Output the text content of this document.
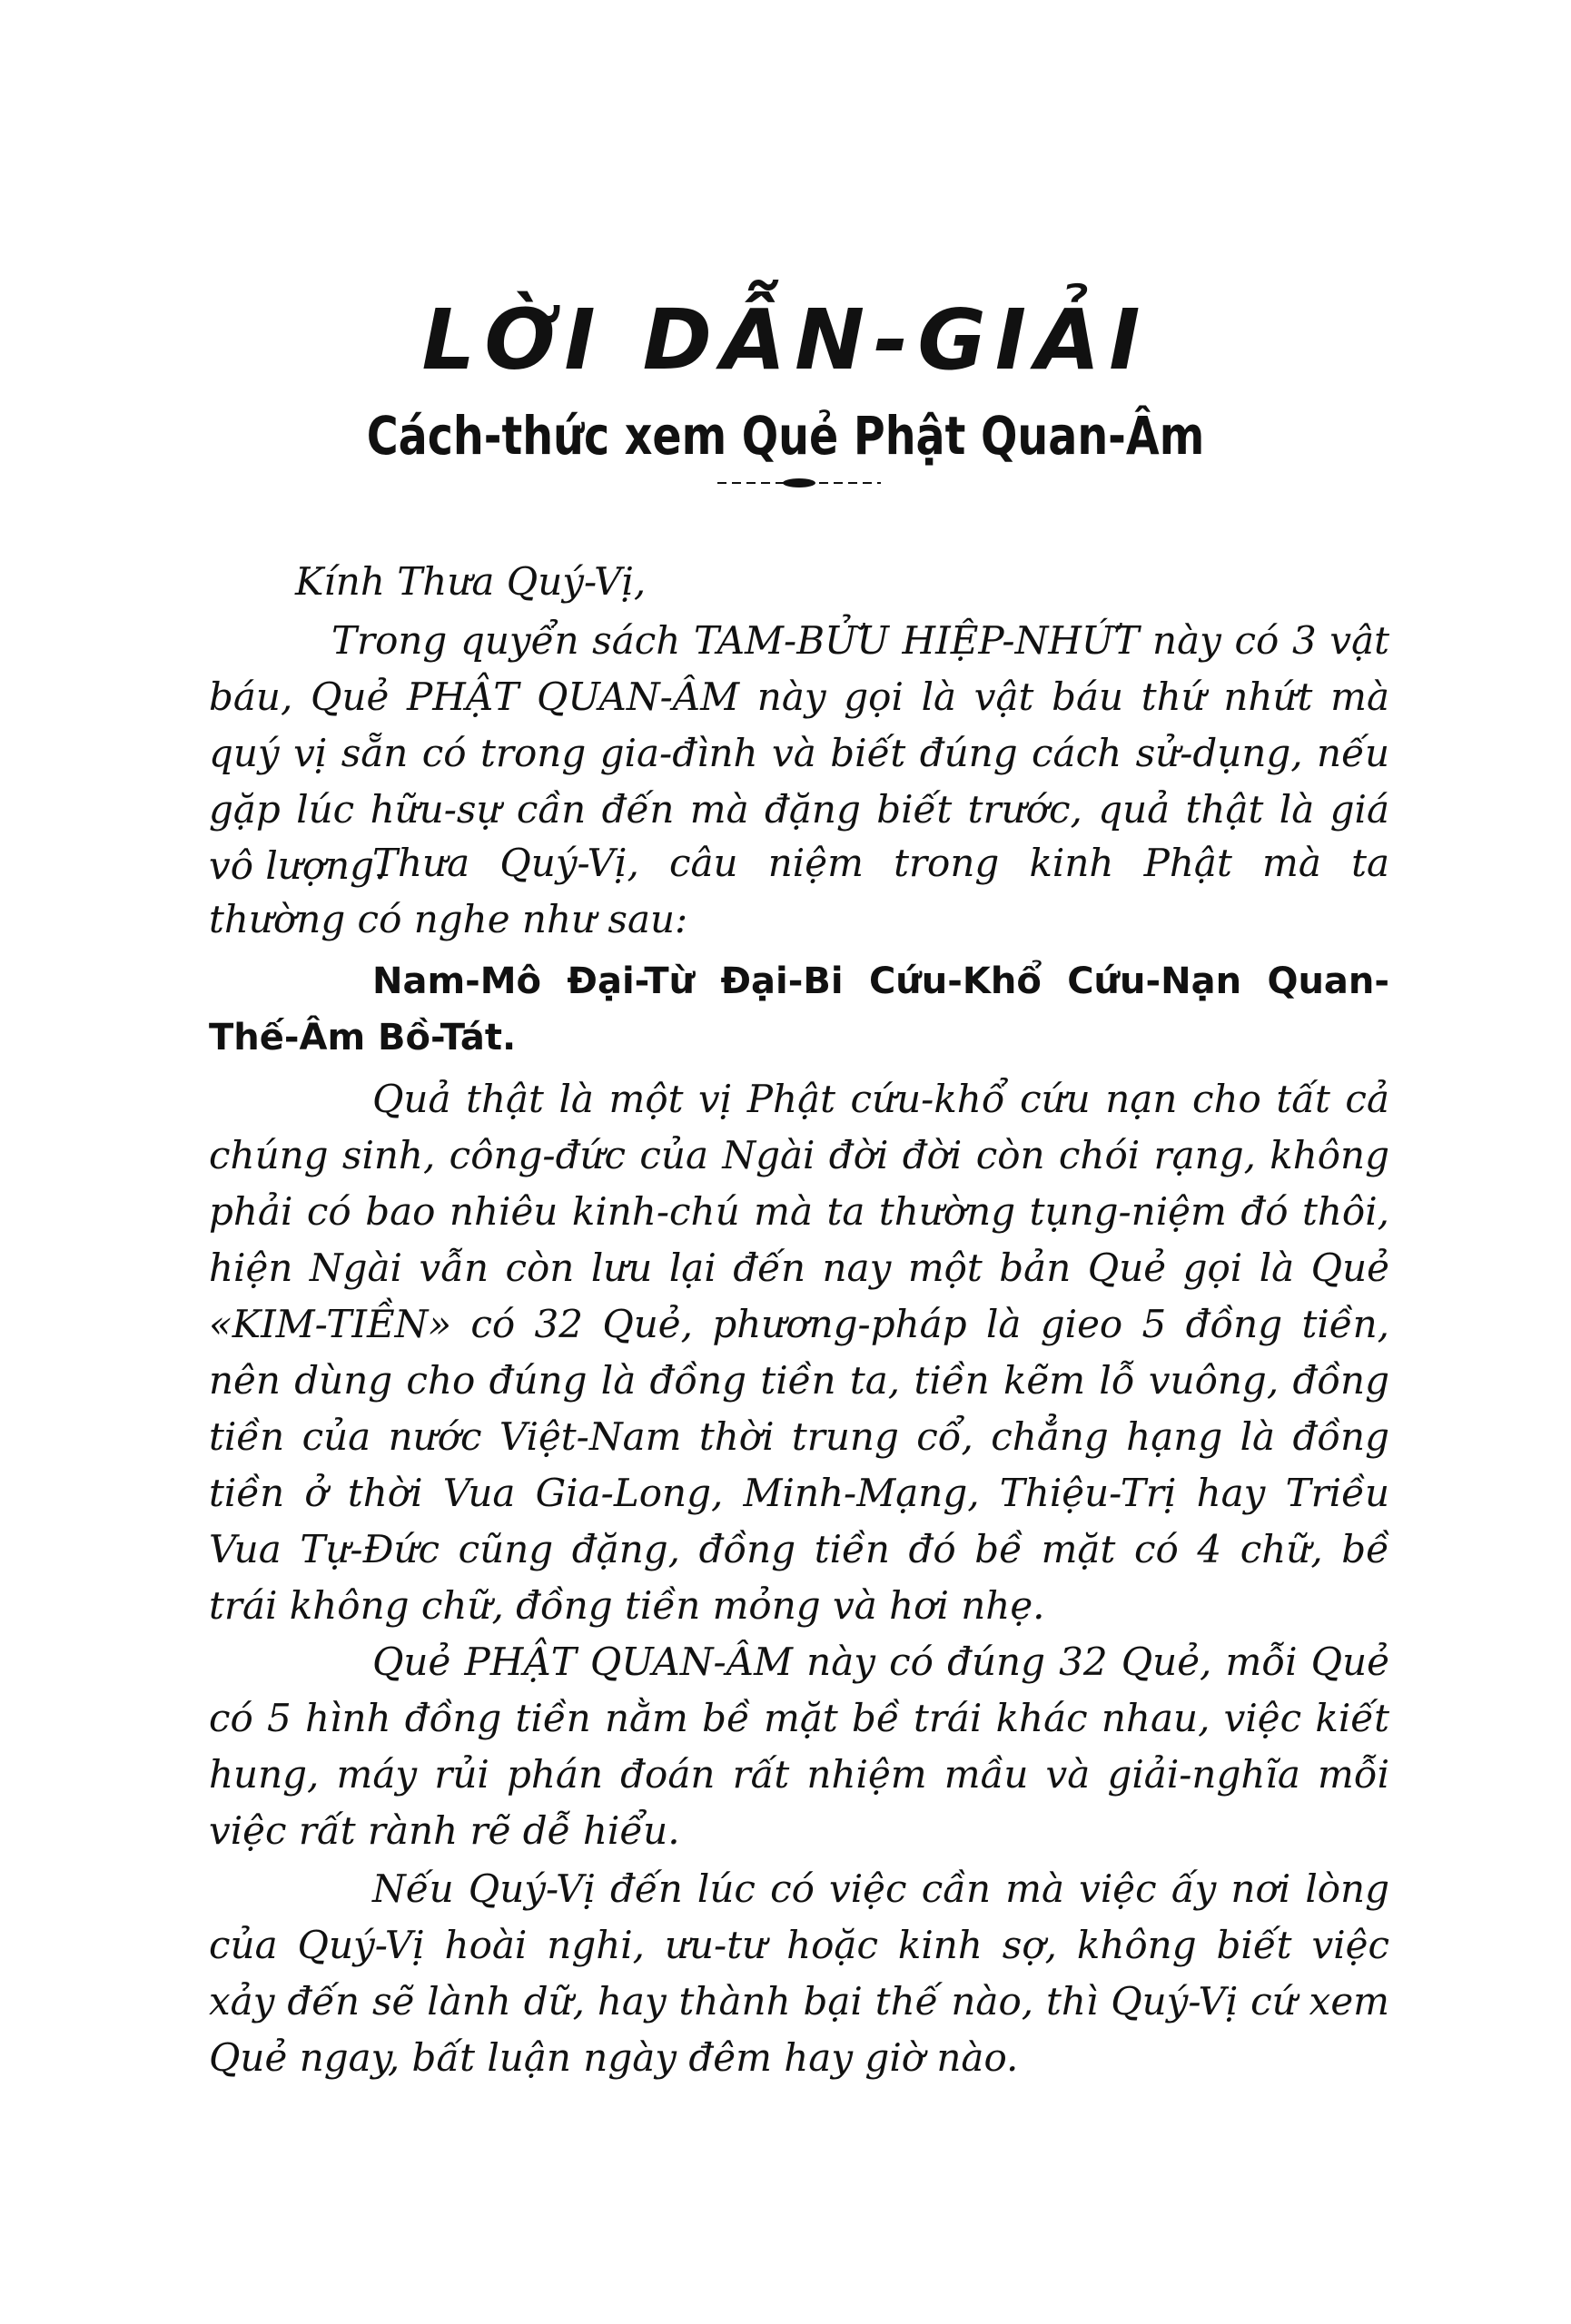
LỜI DẪN-GIẢI
Cách-thức xem Quẻ Phật Quan-Âm
Kính Thưa Quý-Vị,
Trong quyển sách TAM-BỬU HIỆP-NHỨT này có 3 vật báu, Quẻ PHẬT QUAN-ÂM này gọi là vật báu thứ nhứt mà quý vị sẵn có trong gia-đình và biết đúng cách sử-dụng, nếu gặp lúc hữu-sự cần đến mà đặng biết trước, quả thật là giá vô lượng.
Thưa Quý-Vị, câu niệm trong kinh Phật mà ta thường có nghe như sau:
Nam-Mô Đại-Từ Đại-Bi Cứu-Khổ Cứu-Nạn Quan-Thế-Âm Bồ-Tát.
Quả thật là một vị Phật cứu-khổ cứu nạn cho tất cả chúng sinh, công-đức của Ngài đời đời còn chói rạng, không phải có bao nhiêu kinh-chú mà ta thường tụng-niệm đó thôi, hiện Ngài vẫn còn lưu lại đến nay một bản Quẻ gọi là Quẻ «KIM-TIỀN» có 32 Quẻ, phương-pháp là gieo 5 đồng tiền, nên dùng cho đúng là đồng tiền ta, tiền kẽm lỗ vuông, đồng tiền của nước Việt-Nam thời trung cổ, chẳng hạng là đồng tiền ở thời Vua Gia-Long, Minh-Mạng, Thiệu-Trị hay Triều Vua Tự-Đức cũng đặng, đồng tiền đó bề mặt có 4 chữ, bề trái không chữ, đồng tiền mỏng và hơi nhẹ.
Quẻ PHẬT QUAN-ÂM này có đúng 32 Quẻ, mỗi Quẻ có 5 hình đồng tiền nằm bề mặt bề trái khác nhau, việc kiết hung, máy rủi phán đoán rất nhiệm mầu và giải-nghĩa mỗi việc rất rành rẽ dễ hiểu.
Nếu Quý-Vị đến lúc có việc cần mà việc ấy nơi lòng của Quý-Vị hoài nghi, ưu-tư hoặc kinh sợ, không biết việc xảy đến sẽ lành dữ, hay thành bại thế nào, thì Quý-Vị cứ xem Quẻ ngay, bất luận ngày đêm hay giờ nào.
